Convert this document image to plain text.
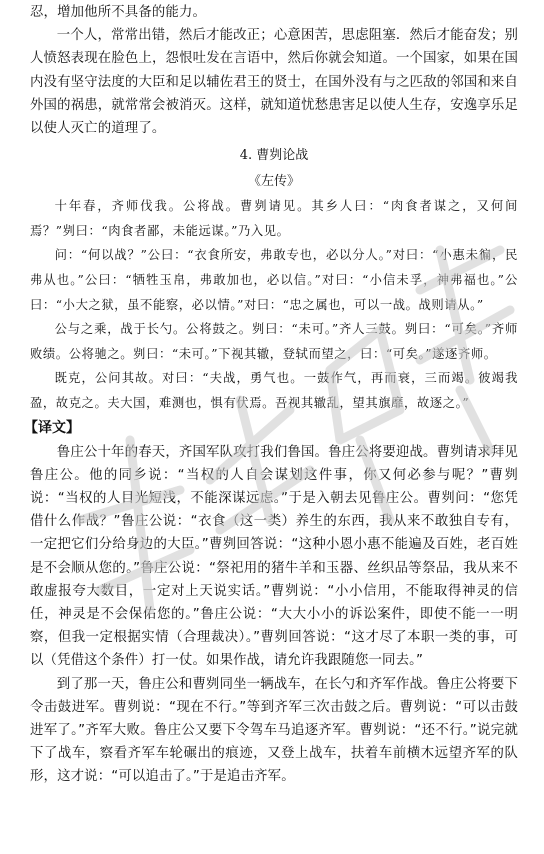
忍，增加他所不具备的能力。

一个人，常常出错，然后才能改正；心意困苦，思虑阻塞．然后才能奋发；别人愤怒表现在脸色上，怨恨吐发在言语中，然后你就会知道。一个国家，如果在国内没有坚守法度的大臣和足以辅佐君王的贤士，在国外没有与之匹敌的邻国和来自外国的祸患，就常常会被消灭。这样，就知道忧愁患害足以使人生存，安逸享乐足以使人灭亡的道理了。

4. 曹刿论战

《左传》

十年春，齐师伐我。公将战。曹刿请见。其乡人曰：“肉食者谋之，又何间焉？”刿曰：“肉食者鄙，未能远谋。”乃入见。

问：“何以战？”公曰：“衣食所安，弗敢专也，必以分人。”对曰：“小惠未徧，民弗从也。”公曰：“牺牲玉帛，弗敢加也，必以信。”对曰：“小信未孚，神弗福也。”公曰：“小大之狱，虽不能察，必以情。”对曰：“忠之属也，可以一战。战则请从。”

公与之乘，战于长勺。公将鼓之。刿曰：“未可。”齐人三鼓。刿曰：“可矣。”齐师败绩。公将驰之。刿曰：“未可。”下视其辙，登轼而望之，曰：“可矣。”遂逐齐师。

既克，公问其故。对曰：“夫战，勇气也。一鼓作气，再而衰，三而竭。彼竭我盈，故克之。夫大国，难测也，惧有伏焉。吾视其辙乱，望其旗靡，故逐之。”

【译文】

鲁庄公十年的春天，齐国军队攻打我们鲁国。鲁庄公将要迎战。曹刿请求拜见鲁庄公。他的同乡说：“当权的人自会谋划这件事，你又何必参与呢？”曹刿说：“当权的人目光短浅，不能深谋远虑。”于是入朝去见鲁庄公。曹刿问：“您凭借什么作战？”鲁庄公说：“衣食（这一类）养生的东西，我从来不敢独自专有，一定把它们分给身边的大臣。”曹刿回答说：“这种小恩小惠不能遍及百姓，老百姓是不会顺从您的。”鲁庄公说：“祭祀用的猪牛羊和玉器、丝织品等祭品，我从来不敢虚报夸大数目，一定对上天说实话。”曹刿说：“小小信用，不能取得神灵的信任，神灵是不会保佑您的。”鲁庄公说：“大大小小的诉讼案件，即使不能一一明察，但我一定根据实情（合理裁决）。”曹刿回答说：“这才尽了本职一类的事，可以（凭借这个条件）打一仗。如果作战，请允许我跟随您一同去。”

到了那一天，鲁庄公和曹刿同坐一辆战车，在长勺和齐军作战。鲁庄公将要下令击鼓进军。曹刿说：“现在不行。”等到齐军三次击鼓之后。曹刿说：“可以击鼓进军了。”齐军大败。鲁庄公又要下令驾车马追逐齐军。曹刿说：“还不行。”说完就下了战车，察看齐军车轮碾出的痕迹，又登上战车，扶着车前横木远望齐军的队形，这才说：“可以追击了。”于是追击齐军。
